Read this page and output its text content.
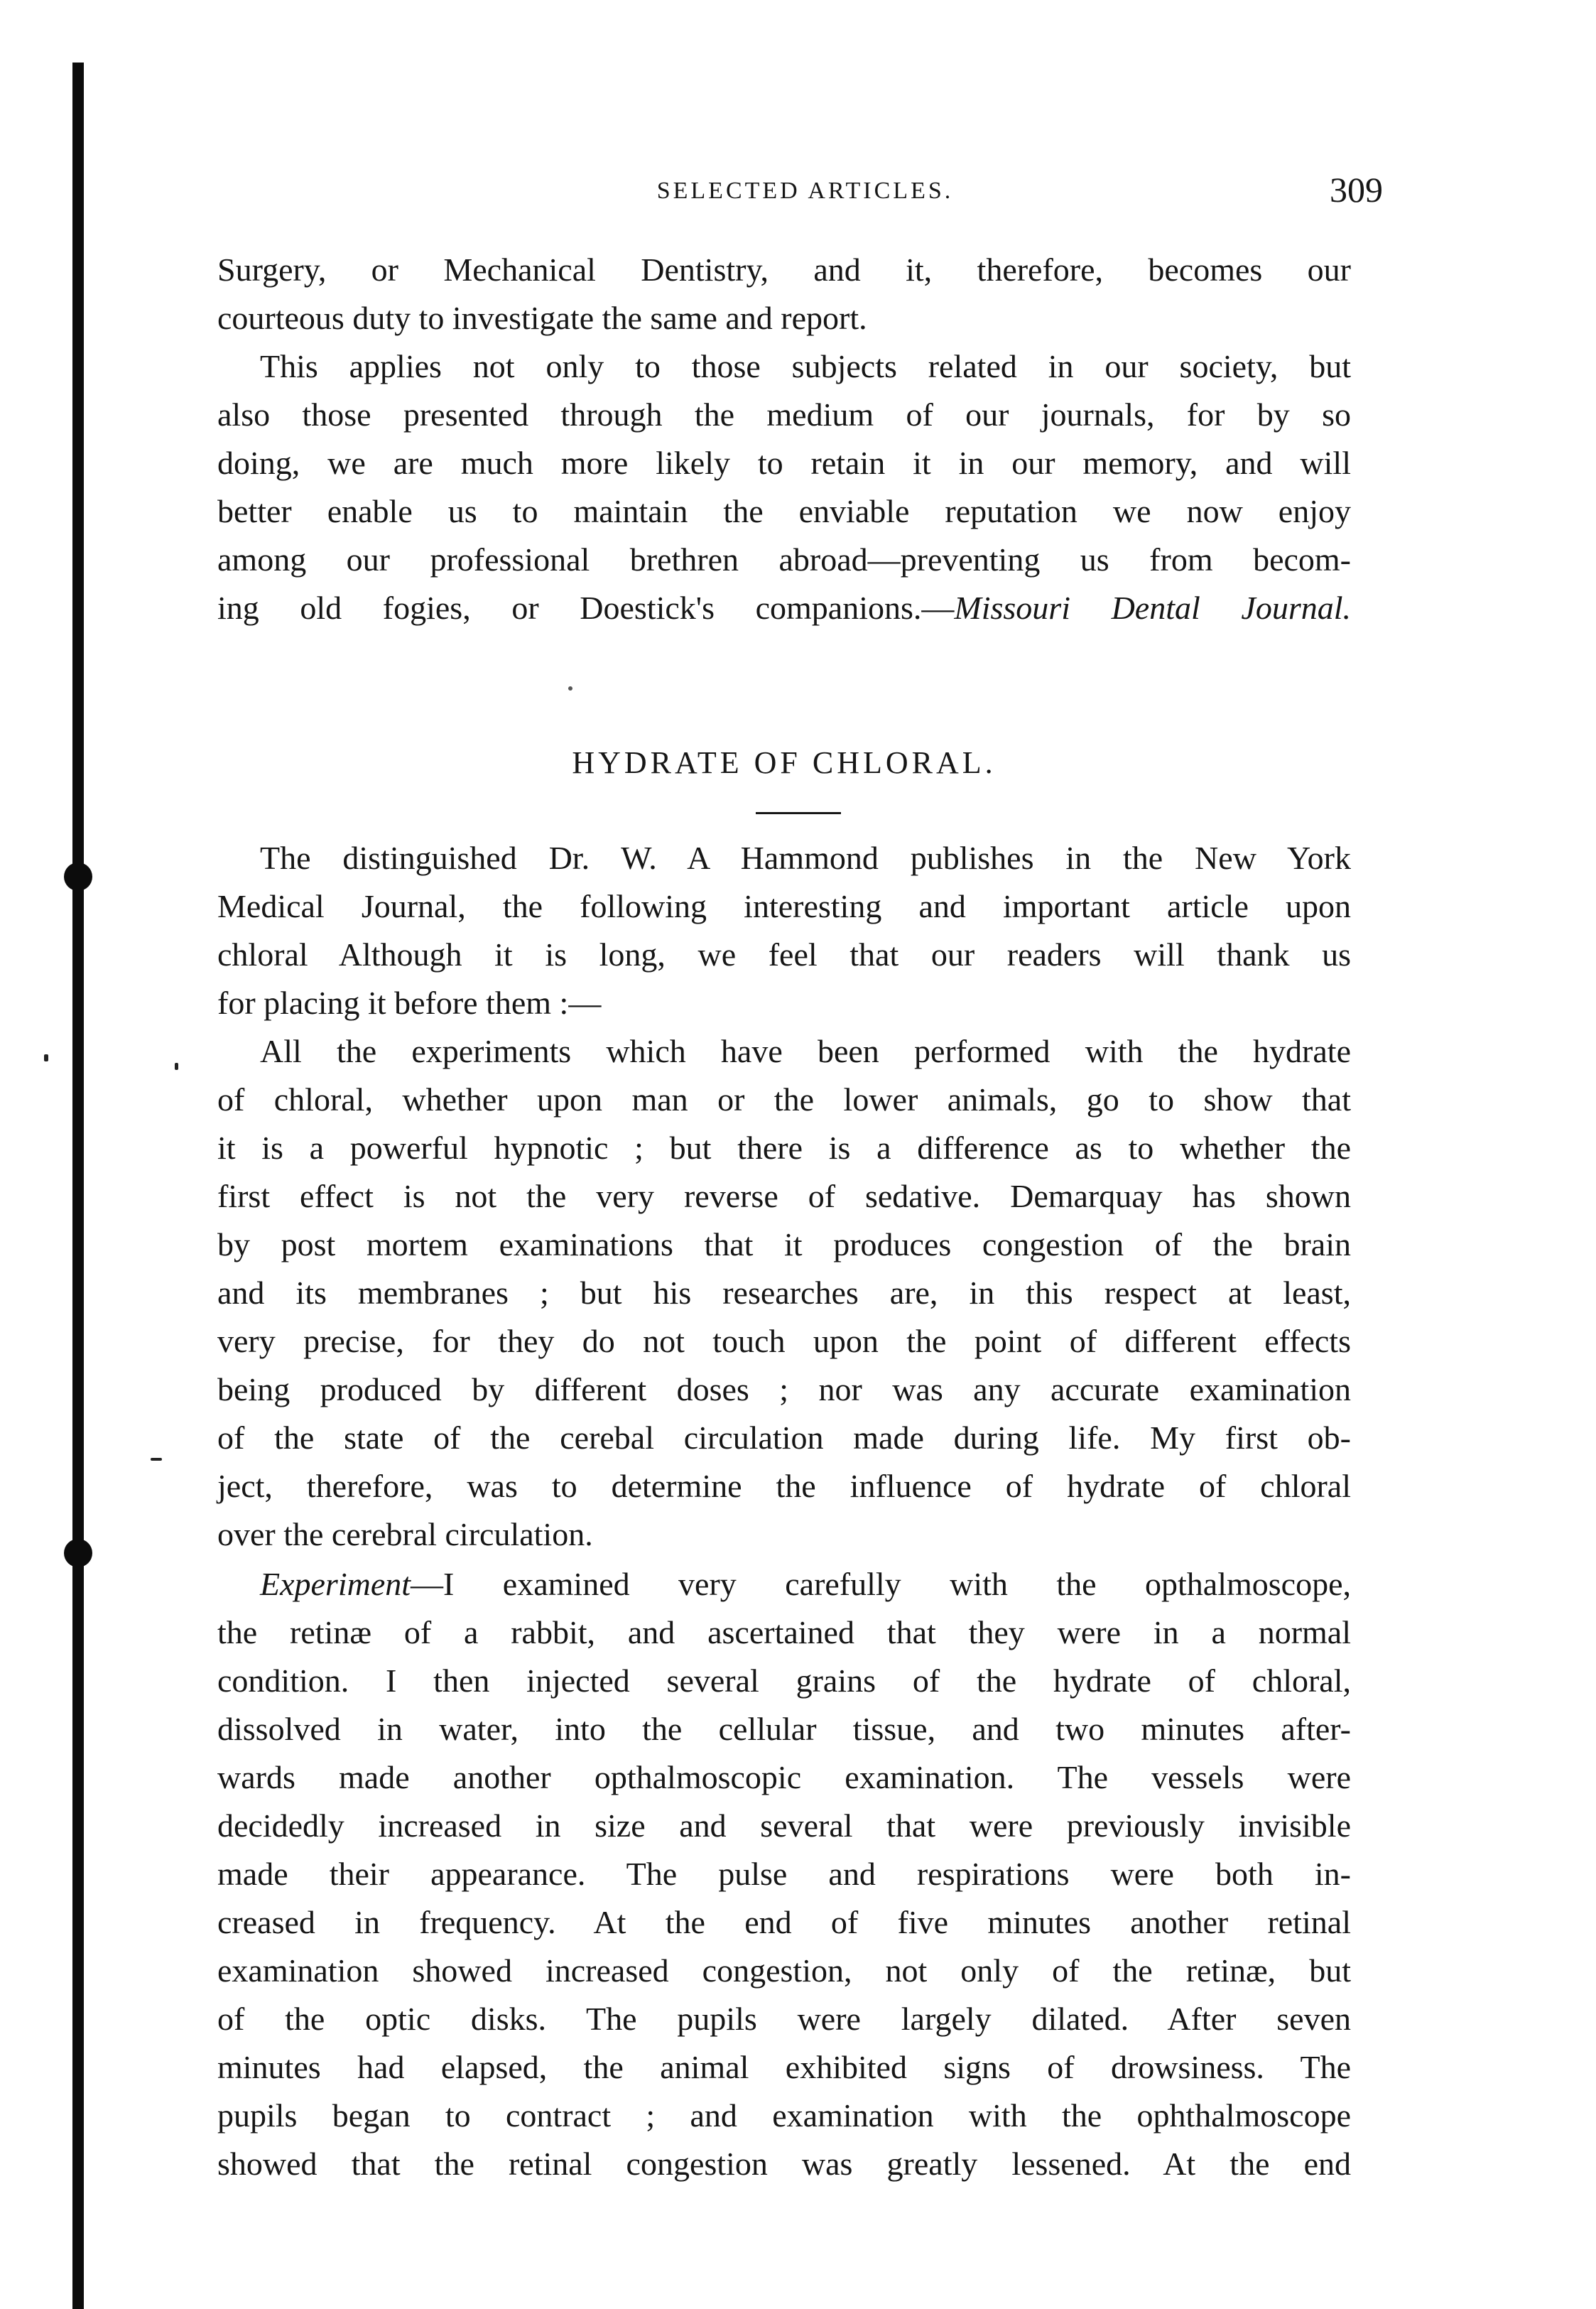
SELECTED ARTICLES.	309
Surgery, or Mechanical Dentistry, and it, therefore, becomes our
courteous duty to investigate the same and report.
This applies not only to those subjects related in our society, but
also those presented through the medium of our journals, for by so
doing, we are much more likely to retain it in our memory, and will
better enable us to maintain the enviable reputation we now enjoy
among our professional brethren abroad—preventing us from becom-
ing old fogies, or Doestick's companions.—Missouri Dental Journal.
HYDRATE OF CHLORAL.
The distinguished Dr. W. A Hammond publishes in the New York
Medical Journal, the following interesting and important article upon
chloral Although it is long, we feel that our readers will thank us
for placing it before them :—
All the experiments which have been performed with the hydrate
of chloral, whether upon man or the lower animals, go to show that
it is a powerful hypnotic ; but there is a difference as to whether the
first effect is not the very reverse of sedative. Demarquay has shown
by post mortem examinations that it produces congestion of the brain
and its membranes ; but his researches are, in this respect at least,
very precise, for they do not touch upon the point of different effects
being produced by different doses ; nor was any accurate examination
of the state of the cerebal circulation made during life. My first ob-
ject, therefore, was to determine the influence of hydrate of chloral
over the cerebral circulation.
Experiment—I examined very carefully with the opthalmoscope,
the retinæ of a rabbit, and ascertained that they were in a normal
condition. I then injected several grains of the hydrate of chloral,
dissolved in water, into the cellular tissue, and two minutes after-
wards made another opthalmoscopic examination. The vessels were
decidedly increased in size and several that were previously invisible
made their appearance. The pulse and respirations were both in-
creased in frequency. At the end of five minutes another retinal
examination showed increased congestion, not only of the retinæ, but
of the optic disks. The pupils were largely dilated. After seven
minutes had elapsed, the animal exhibited signs of drowsiness. The
pupils began to contract ; and examination with the ophthalmoscope
showed that the retinal congestion was greatly lessened. At the end
